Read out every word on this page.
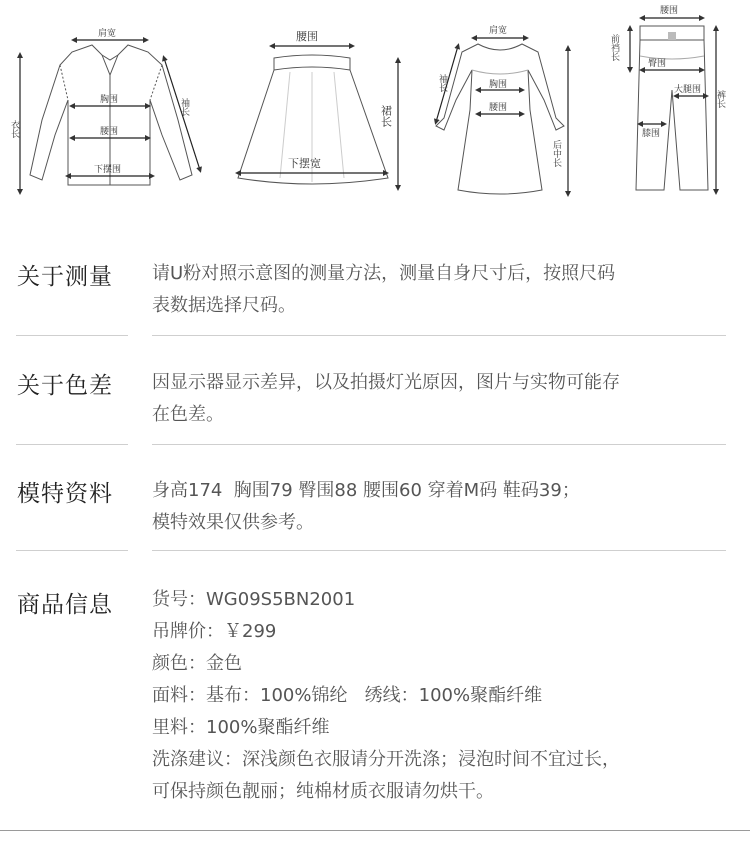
肩宽
衣长
胸围
腰围
下摆围
袖长
腰围
下摆宽
裙长
肩宽
袖长	胸围
腰围
后中长
腰围
前裆长
臀围
大腿围
膝围
裤长
关于测量 请U粉对照示意图的测量方法，测量自身尺寸后，按照尺码

表数据选择尺码。

关于色差 因显示器显示差异，以及拍摄灯光原因，图片与实物可能存

在色差。

模特资料 身高174  胸围79 臀围88 腰围60 穿着M码 鞋码39；

模特效果仅供参考。

商品信息 货号：WG09S5BN2001

吊牌价：￥299

颜色：金色

面料：基布：100%锦纶   绣线：100%聚酯纤维

里料：100%聚酯纤维

洗涤建议：深浅颜色衣服请分开洗涤；浸泡时间不宜过长，

可保持颜色靓丽；纯棉材质衣服请勿烘干。
